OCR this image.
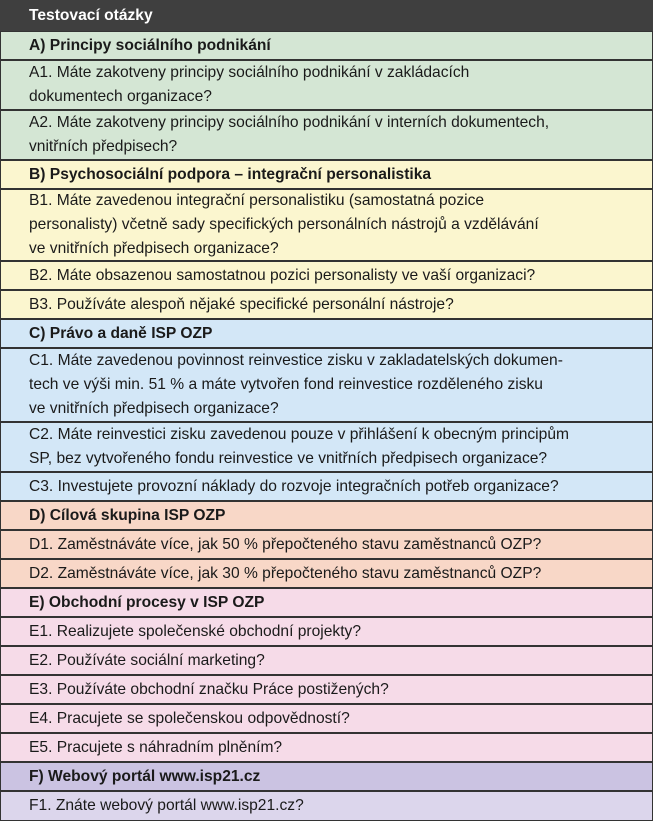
Testovací otázky
A) Principy sociálního podnikání
A1. Máte zakotveny principy sociálního podnikání v zakládacích
dokumentech organizace?
A2. Máte zakotveny principy sociálního podnikání v interních dokumentech,
vnitřních předpisech?
B) Psychosociální podpora – integrační personalistika
B1. Máte zavedenou integrační personalistiku (samostatná pozice
personalisty) včetně sady specifických personálních nástrojů a vzdělávání
ve vnitřních předpisech organizace?
B2. Máte obsazenou samostatnou pozici personalisty ve vaší organizaci?
B3. Používáte alespoň nějaké specifické personální nástroje?
C) Právo a daně ISP OZP
C1. Máte zavedenou povinnost reinvestice zisku v zakladatelských dokumen-
tech ve výši min. 51 % a máte vytvořen fond reinvestice rozděleného zisku
ve vnitřních předpisech organizace?
C2. Máte reinvestici zisku zavedenou pouze v přihlášení k obecným principům
SP, bez vytvořeného fondu reinvestice ve vnitřních předpisech organizace?
C3. Investujete provozní náklady do rozvoje integračních potřeb organizace?
D) Cílová skupina ISP OZP
D1. Zaměstnáváte více, jak 50 % přepočteného stavu zaměstnanců OZP?
D2. Zaměstnáváte více, jak 30 % přepočteného stavu zaměstnanců OZP?
E) Obchodní procesy v ISP OZP
E1. Realizujete společenské obchodní projekty?
E2. Používáte sociální marketing?
E3. Používáte obchodní značku Práce postižených?
E4. Pracujete se společenskou odpovědností?
E5. Pracujete s náhradním plněním?
F) Webový portál www.isp21.cz
F1. Znáte webový portál www.isp21.cz?
